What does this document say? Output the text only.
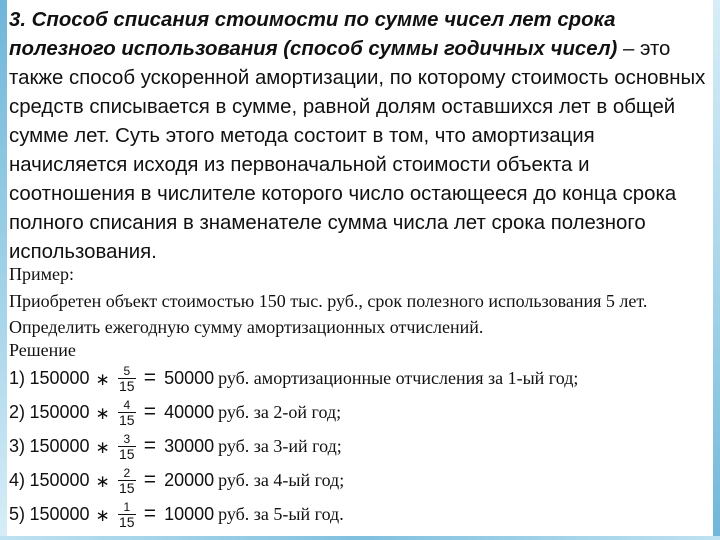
3. Способ списания стоимости по сумме чисел лет срока полезного использования (способ суммы годичных чисел) – это также способ ускоренной амортизации, по которому стоимость основных средств списывается в сумме, равной долям оставшихся лет в общей сумме лет. Суть этого метода состоит в том, что амортизация начисляется исходя из первоначальной стоимости объекта и соотношения в числителе которого число остающееся до конца срока полного списания в знаменателе сумма числа лет срока полезного использования.

Пример:
Приобретен объект стоимостью 150 тыс. руб., срок полезного использования 5 лет. Определить ежегодную сумму амортизационных отчислений.
Решение
1)
150000 ∗ $\frac{5}{15} = 50000$ руб. амортизационные отчисления за 1-ый год;
2)
150000 ∗ $\frac{4}{15} = 40000$ руб. за 2-ой год;
3)
150000 ∗ $\frac{3}{15} = 30000$ руб. за 3-ий год;
4)
150000 ∗ $\frac{2}{15} = 20000$ руб. за 4-ый год;
5)
150000 ∗ $\frac{1}{15} = 10000$ руб. за 5-ый год.
